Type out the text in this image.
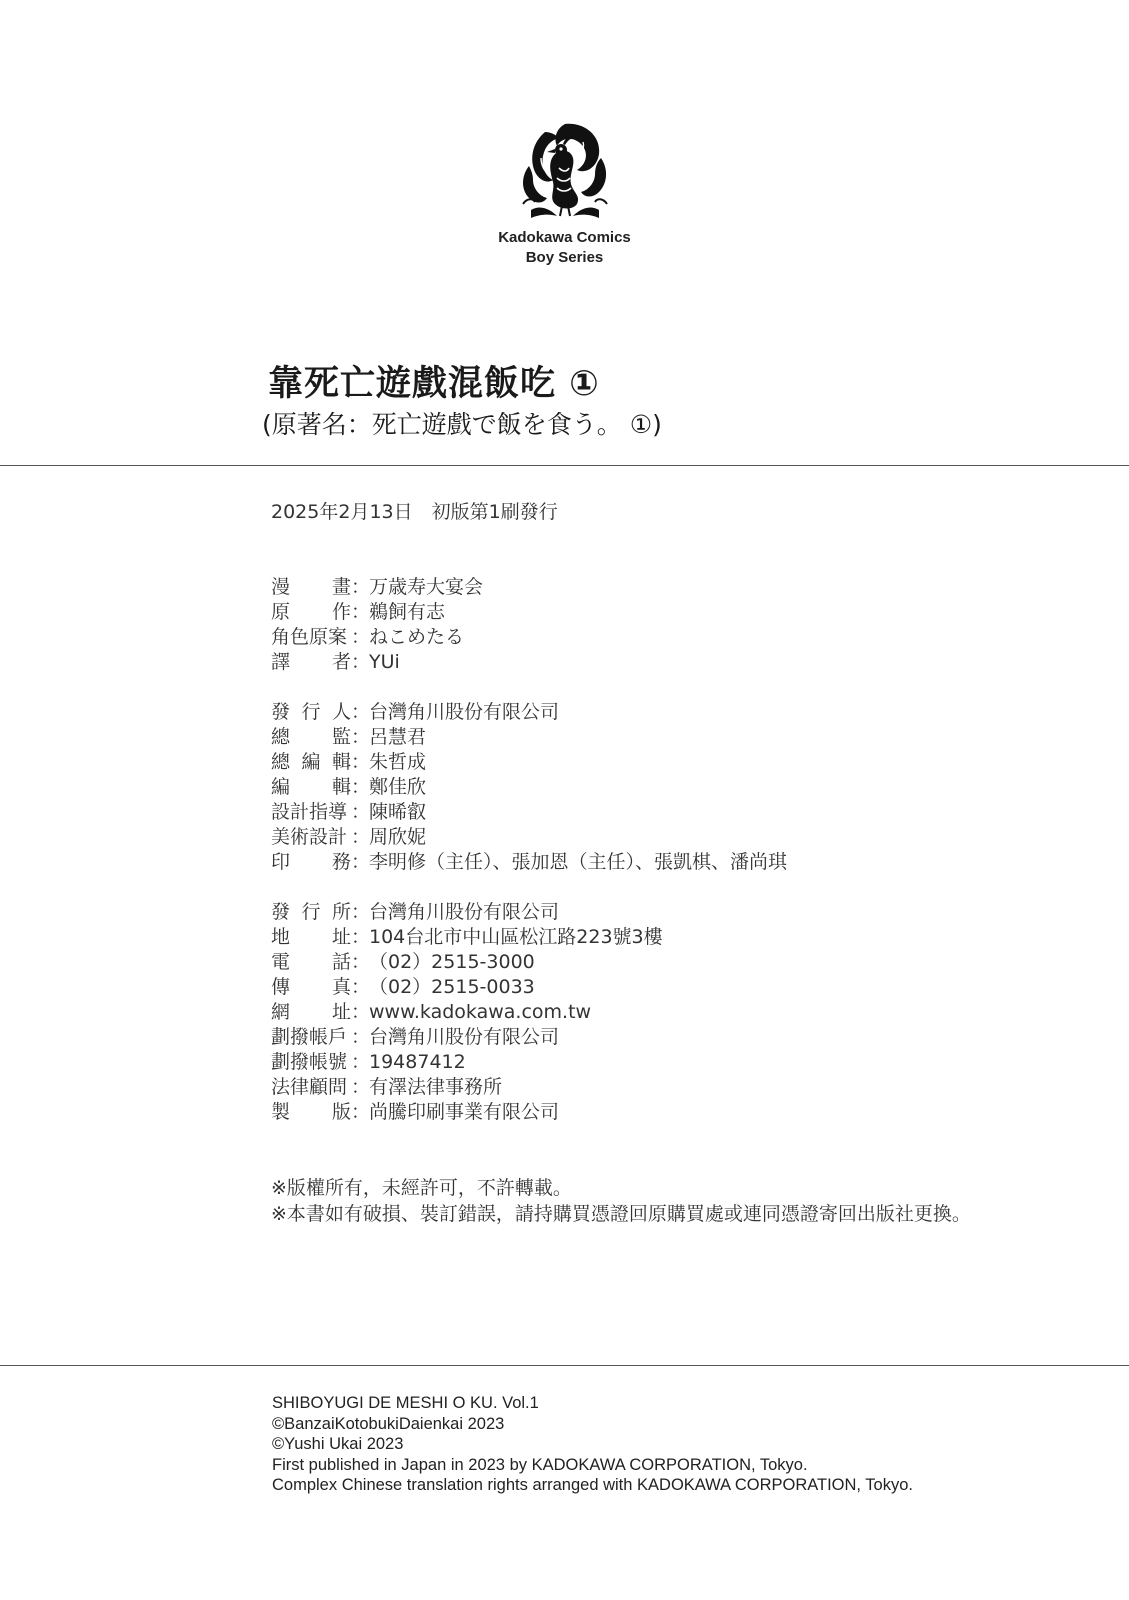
Kadokawa Comics
Boy Series
靠死亡遊戲混飯吃 ①
(原著名：死亡遊戲で飯を食う。 ①)
2025年2月13日　初版第1刷發行
漫 畫 ：
万歳寿大宴会
原 作 ：
鵜飼有志
角色原案 ：
ねこめたる
譯 者 ：
YUi
發 行 人 ：
台灣角川股份有限公司
總 監 ：
呂慧君
總 編 輯 ：
朱哲成
編 輯 ：
鄭佳欣
設計指導 ：
陳晞叡
美術設計 ：
周欣妮
印 務 ：
李明修（主任）、張加恩（主任）、張凱棋、潘尚琪
發 行 所 ：
台灣角川股份有限公司
地 址 ：
104台北市中山區松江路223號3樓
電 話 ：
（02）2515-3000
傳 真 ：
（02）2515-0033
網 址 ：
www.kadokawa.com.tw
劃撥帳戶 ：
台灣角川股份有限公司
劃撥帳號 ：
19487412
法律顧問 ：
有澤法律事務所
製 版 ：
尚騰印刷事業有限公司
※版權所有，未經許可，不許轉載。
※本書如有破損、裝訂錯誤，請持購買憑證回原購買處或連同憑證寄回出版社更換。
SHIBOYUGI DE MESHI O KU. Vol.1
©BanzaiKotobukiDaienkai 2023
©Yushi Ukai 2023
First published in Japan in 2023 by KADOKAWA CORPORATION, Tokyo.
Complex Chinese translation rights arranged with KADOKAWA CORPORATION, Tokyo.
